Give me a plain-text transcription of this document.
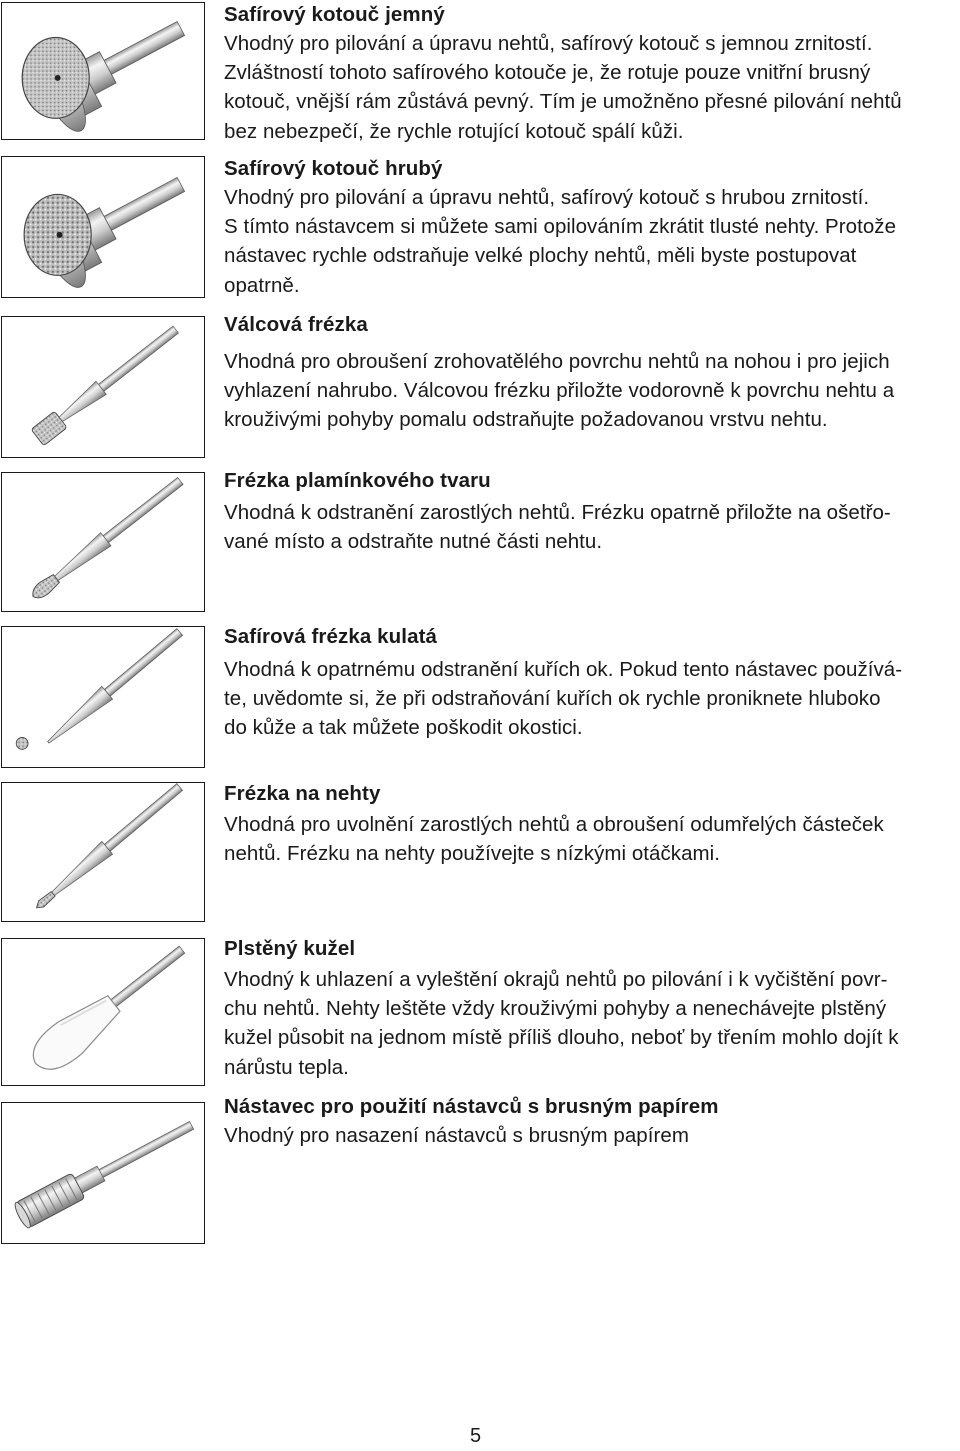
Safírový kotouč jemný

Vhodný pro pilování a úpravu nehtů, safírový kotouč s jemnou zrnitostí.

Zvláštností tohoto safírového kotouče je, že rotuje pouze vnitřní brusný

kotouč, vnější rám zůstává pevný. Tím je umožněno přesné pilování nehtů

bez nebezpečí, že rychle rotující kotouč spálí kůži.

Safírový kotouč hrubý

Vhodný pro pilování a úpravu nehtů, safírový kotouč s hrubou zrnitostí.

S tímto nástavcem si můžete sami opilováním zkrátit tlusté nehty. Protože

nástavec rychle odstraňuje velké plochy nehtů, měli byste postupovat

opatrně.

Válcová frézka

Vhodná pro obroušení zrohovatělého povrchu nehtů na nohou i pro jejich

vyhlazení nahrubo. Válcovou frézku přiložte vodorovně k povrchu nehtu a

krouživými pohyby pomalu odstraňujte požadovanou vrstvu nehtu.

Frézka plamínkového tvaru

Vhodná k odstranění zarostlých nehtů. Frézku opatrně přiložte na ošetřo-

vané místo a odstraňte nutné části nehtu.

Safírová frézka kulatá

Vhodná k opatrnému odstranění kuřích ok. Pokud tento nástavec používá-

te, uvědomte si, že při odstraňování kuřích ok rychle proniknete hluboko

do kůže a tak můžete poškodit okostici.

Frézka na nehty

Vhodná pro uvolnění zarostlých nehtů a obroušení odumřelých částeček

nehtů. Frézku na nehty používejte s nízkými otáčkami.

Plstěný kužel

Vhodný k uhlazení a vyleštění okrajů nehtů po pilování i k vyčištění povr-

chu nehtů. Nehty leštěte vždy krouživými pohyby a nenechávejte plstěný

kužel působit na jednom místě příliš dlouho, neboť by třením mohlo dojít k

nárůstu tepla.

Nástavec pro použití nástavců s brusným papírem

Vhodný pro nasazení nástavců s brusným papírem

5
